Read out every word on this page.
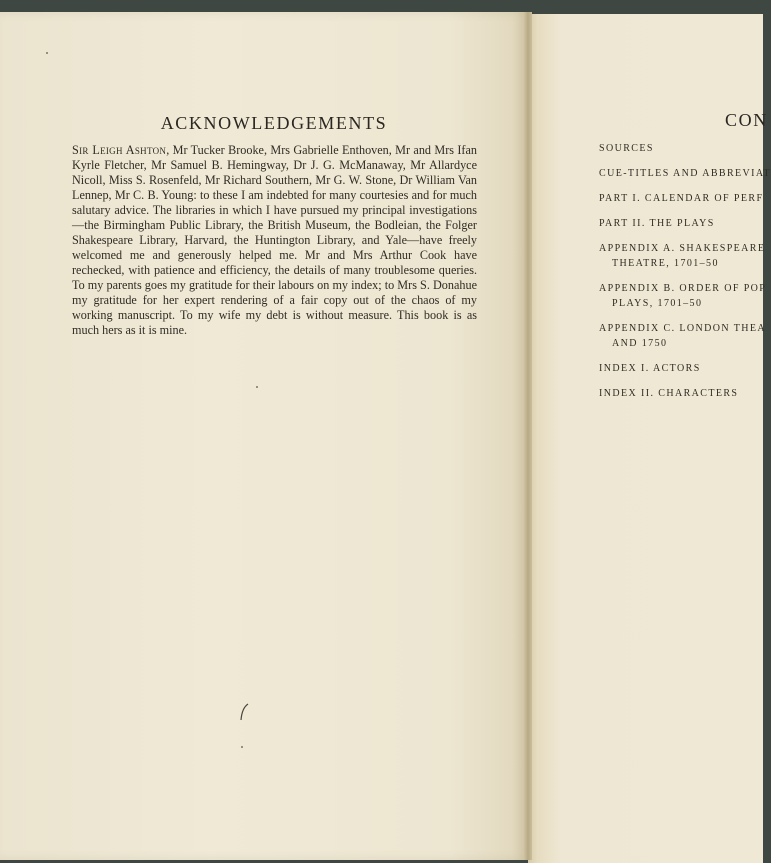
ACKNOWLEDGEMENTS

Sir Leigh Ashton, Mr Tucker Brooke, Mrs Gabrielle Enthoven, Mr and Mrs Ifan Kyrle Fletcher, Mr Samuel B. Hemingway, Dr J. G. McManaway, Mr Allardyce Nicoll, Miss S. Rosenfeld, Mr Richard Southern, Mr G. W. Stone, Dr William Van Lennep, Mr C. B. Young: to these I am indebted for many courtesies and for much salutary advice. The libraries in which I have pursued my principal investigations—the Birmingham Public Library, the British Museum, the Bodleian, the Folger Shakespeare Library, Harvard, the Huntington Library, and Yale—have freely welcomed me and generously helped me. Mr and Mrs Arthur Cook have rechecked, with patience and efficiency, the details of many troublesome queries. To my parents goes my gratitude for their labours on my index; to Mrs S. Donahue my gratitude for her expert rendering of a fair copy out of the chaos of my working manuscript. To my wife my debt is without measure. This book is as much hers as it is mine.

CON
SOURCES
CUE-TITLES AND ABBREVIAT
PART I. CALENDAR OF PERF
PART II. THE PLAYS
APPENDIX A. SHAKESPEARE
THEATRE, 1701–50
APPENDIX B. ORDER OF POP
PLAYS, 1701–50
APPENDIX C. LONDON THEA
AND 1750
INDEX I. ACTORS
INDEX II. CHARACTERS
